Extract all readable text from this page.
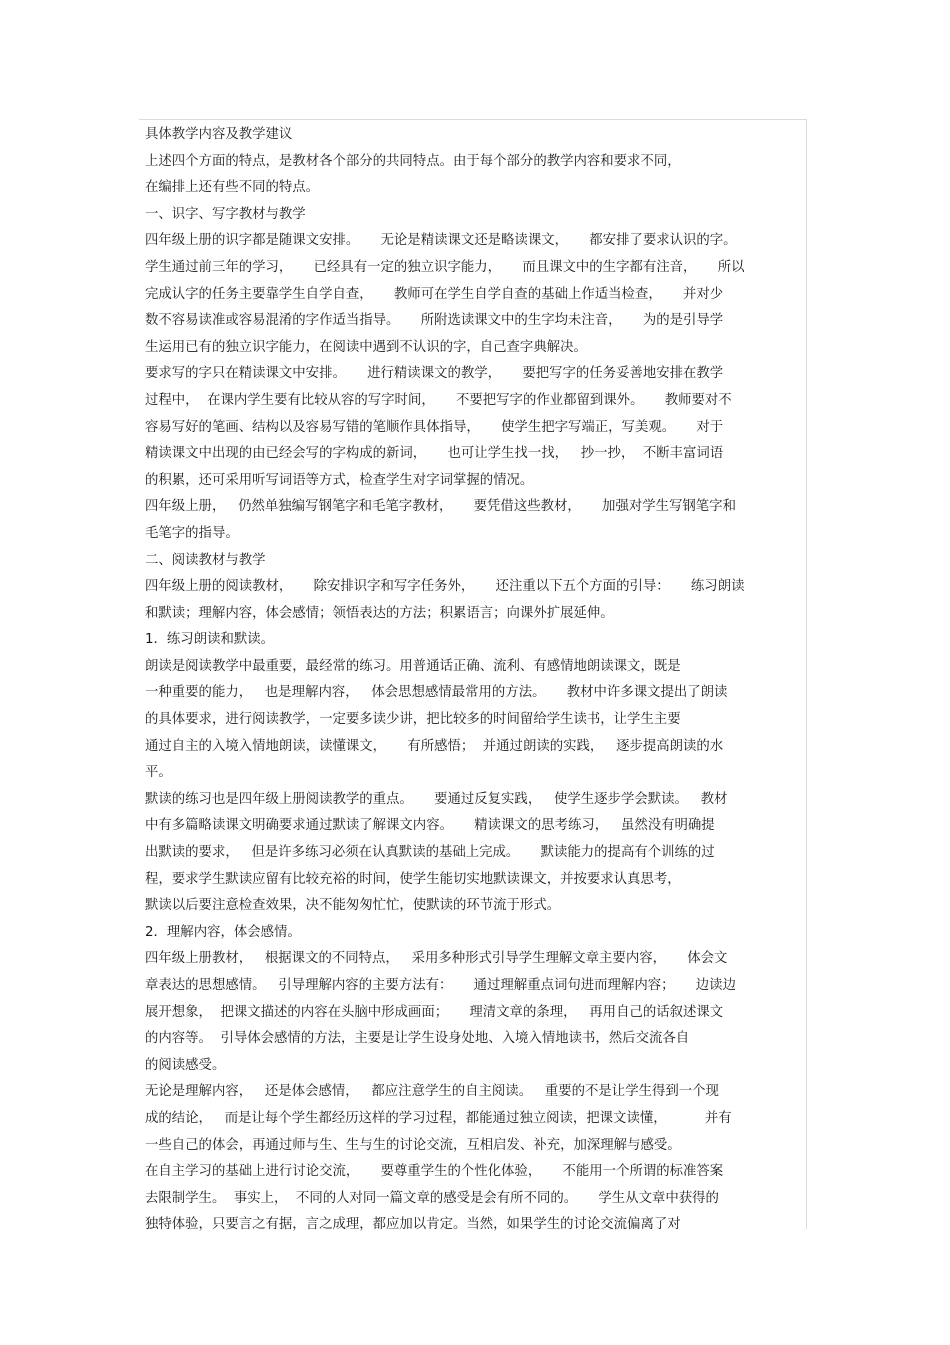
具体教学内容及教学建议
上述四个方面的特点，是教材各个部分的共同特点。由于每个部分的教学内容和要求不同，
在编排上还有些不同的特点。
一、识字、写字教材与教学
四年级上册的识字都是随课文安排。     无论是精读课文还是略读课文，     都安排了要求认识的字。
学生通过前三年的学习，     已经具有一定的独立识字能力，     而且课文中的生字都有注音，     所以
完成认字的任务主要靠学生自学自查，     教师可在学生自学自查的基础上作适当检查，     并对少
数不容易读准或容易混淆的字作适当指导。     所附选读课文中的生字均未注音，     为的是引导学
生运用已有的独立识字能力，在阅读中遇到不认识的字，自己查字典解决。
要求写的字只在精读课文中安排。     进行精读课文的教学，     要把写字的任务妥善地安排在教学
过程中，  在课内学生要有比较从容的写字时间，     不要把写字的作业都留到课外。     教师要对不
容易写好的笔画、结构以及容易写错的笔顺作具体指导，     使学生把字写端正，写美观。     对于
精读课文中出现的由已经会写的字构成的新词，     也可让学生找一找，   抄一抄，  不断丰富词语
的积累，还可采用听写词语等方式，检查学生对字词掌握的情况。
四年级上册，   仍然单独编写钢笔字和毛笔字教材，     要凭借这些教材，     加强对学生写钢笔字和
毛笔字的指导。
二、阅读教材与教学
四年级上册的阅读教材，     除安排识字和写字任务外，     还注重以下五个方面的引导：     练习朗读
和默读；理解内容，体会感情；领悟表达的方法；积累语言；向课外扩展延伸。
1．练习朗读和默读。
朗读是阅读教学中最重要，最经常的练习。用普通话正确、流利、有感情地朗读课文，既是
一种重要的能力，   也是理解内容，   体会思想感情最常用的方法。     教材中许多课文提出了朗读
的具体要求，进行阅读教学，一定要多读少讲，把比较多的时间留给学生读书，让学生主要
通过自主的入境入情地朗读，读懂课文，     有所感悟；  并通过朗读的实践，   逐步提高朗读的水
平。
默读的练习也是四年级上册阅读教学的重点。     要通过反复实践，   使学生逐步学会默读。   教材
中有多篇略读课文明确要求通过默读了解课文内容。     精读课文的思考练习，   虽然没有明确提
出默读的要求，   但是许多练习必须在认真默读的基础上完成。     默读能力的提高有个训练的过
程，要求学生默读应留有比较充裕的时间，使学生能切实地默读课文，并按要求认真思考，
默读以后要注意检查效果，决不能匆匆忙忙，使默读的环节流于形式。
2．理解内容，体会感情。
四年级上册教材，   根据课文的不同特点，   采用多种形式引导学生理解文章主要内容，     体会文
章表达的思想感情。   引导理解内容的主要方法有：     通过理解重点词句进而理解内容；     边读边
展开想象，  把课文描述的内容在头脑中形成画面；     理清文章的条理，   再用自己的话叙述课文
的内容等。  引导体会感情的方法，主要是让学生设身处地、入境入情地读书，然后交流各自
的阅读感受。
无论是理解内容，   还是体会感情，   都应注意学生的自主阅读。   重要的不是让学生得到一个现
成的结论，   而是让每个学生都经历这样的学习过程，都能通过独立阅读，把课文读懂，         并有
一些自己的体会，再通过师与生、生与生的讨论交流，互相启发、补充，加深理解与感受。
在自主学习的基础上进行讨论交流，     要尊重学生的个性化体验，     不能用一个所谓的标准答案
去限制学生。  事实上，  不同的人对同一篇文章的感受是会有所不同的。     学生从文章中获得的
独特体验，只要言之有据，言之成理，都应加以肯定。当然，如果学生的讨论交流偏离了对
